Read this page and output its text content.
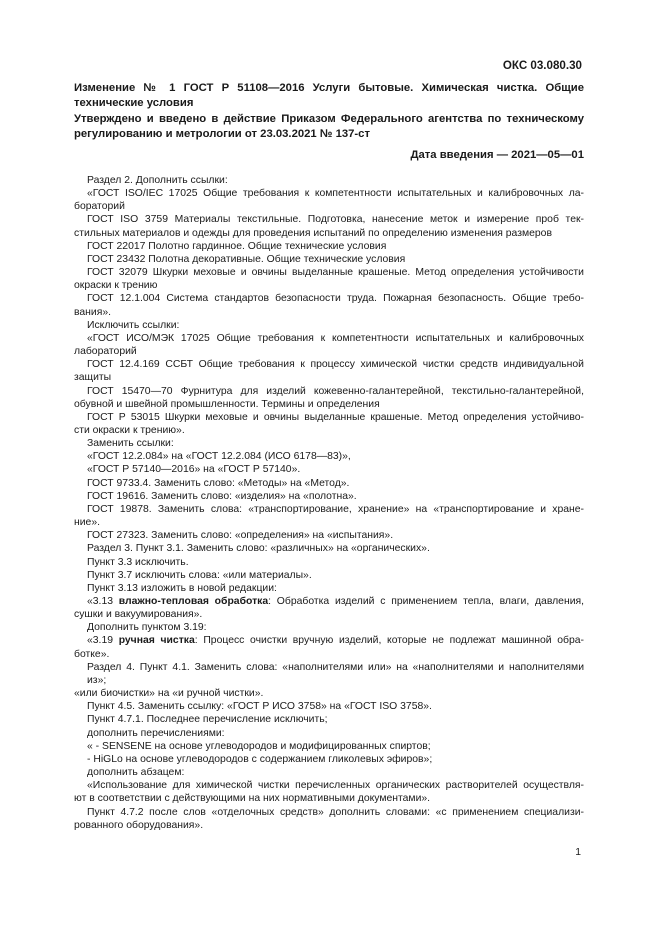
ОКС 03.080.30
Изменение № 1 ГОСТ Р 51108—2016 Услуги бытовые. Химическая чистка. Общие технические условия
Утверждено и введено в действие Приказом Федерального агентства по техническому регулированию и метрологии от 23.03.2021 № 137-ст
Дата введения — 2021—05—01
Раздел 2. Дополнить ссылки:
«ГОСТ ISO/IEC 17025 Общие требования к компетентности испытательных и калибровочных ла-
бораторий
ГОСТ ISO 3759 Материалы текстильные. Подготовка, нанесение меток и измерение проб тек-
стильных материалов и одежды для проведения испытаний по определению изменения размеров
ГОСТ 22017 Полотно гардинное. Общие технические условия
ГОСТ 23432 Полотна декоративные. Общие технические условия
ГОСТ 32079 Шкурки меховые и овчины выделанные крашеные. Метод определения устойчивости
окраски к трению
ГОСТ 12.1.004 Система стандартов безопасности труда. Пожарная безопасность. Общие требо-
вания».
Исключить ссылки:
«ГОСТ ИСО/МЭК 17025 Общие требования к компетентности испытательных и калибровочных
лабораторий
ГОСТ 12.4.169 ССБТ Общие требования к процессу химической чистки средств индивидуальной
защиты
ГОСТ 15470—70 Фурнитура для изделий кожевенно-галантерейной, текстильно-галантерейной,
обувной и швейной промышленности. Термины и определения
ГОСТ Р 53015 Шкурки меховые и овчины выделанные крашеные. Метод определения устойчиво-
сти окраски к трению».
Заменить ссылки:
«ГОСТ 12.2.084» на «ГОСТ 12.2.084 (ИСО 6178—83)»,
«ГОСТ Р 57140—2016» на «ГОСТ Р 57140».
ГОСТ 9733.4. Заменить слово: «Методы» на «Метод».
ГОСТ 19616. Заменить слово: «изделия» на «полотна».
ГОСТ 19878. Заменить слова: «транспортирование, хранение» на «транспортирование и хране-
ние».
ГОСТ 27323. Заменить слово: «определения» на «испытания».
Раздел 3. Пункт 3.1. Заменить слово: «различных» на «органических».
Пункт 3.3 исключить.
Пункт 3.7 исключить слова: «или материалы».
Пункт 3.13 изложить в новой редакции:
«3.13 влажно-тепловая обработка: Обработка изделий с применением тепла, влаги, давления,
сушки и вакуумирования».
Дополнить пунктом 3.19:
«3.19 ручная чистка: Процесс очистки вручную изделий, которые не подлежат машинной обра-
ботке».
Раздел 4. Пункт 4.1. Заменить слова: «наполнителями или» на «наполнителями и наполнителями из»;
«или биочистки» на «и ручной чистки».
Пункт 4.5. Заменить ссылку: «ГОСТ Р ИСО 3758» на «ГОСТ ISO 3758».
Пункт 4.7.1. Последнее перечисление исключить;
дополнить перечислениями:
« - SENSENE на основе углеводородов и модифицированных спиртов;
- HiGLo на основе углеводородов с содержанием гликолевых эфиров»;
дополнить абзацем:
«Использование для химической чистки перечисленных органических растворителей осуществля-
ют в соответствии с действующими на них нормативными документами».
Пункт 4.7.2 после слов «отделочных средств» дополнить словами: «с применением специализи-
рованного оборудования».
1
